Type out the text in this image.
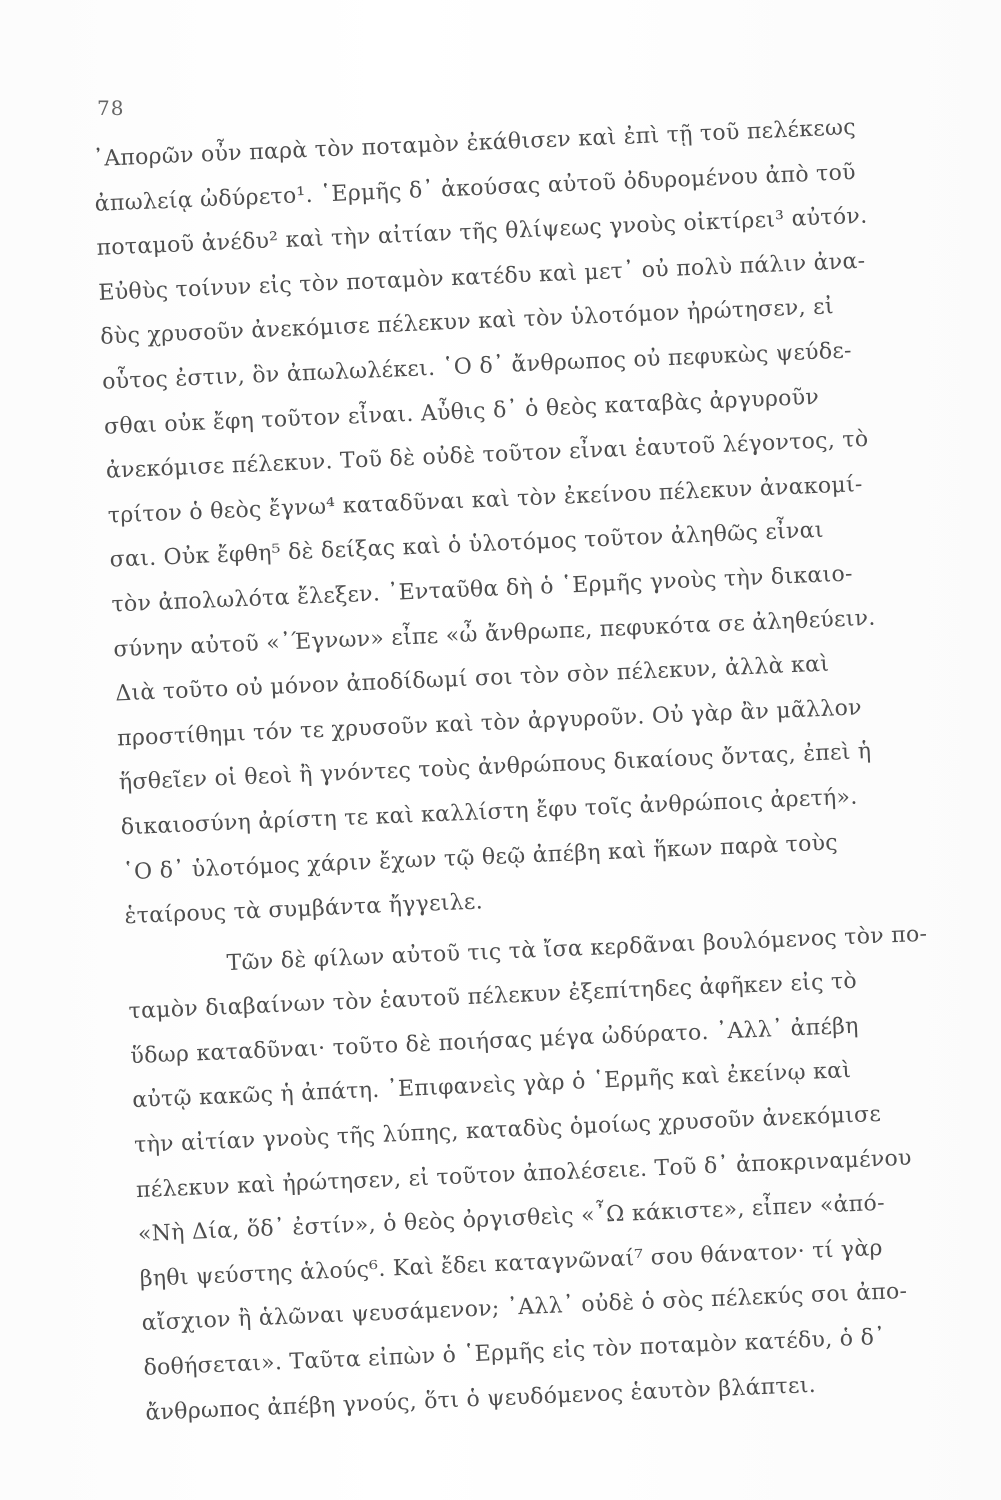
78
᾿Απορῶν οὖν παρὰ τὸν ποταμὸν ἐκάθισεν καὶ ἐπὶ τῇ τοῦ πελέκεως
ἀπωλείᾳ ὠδύρετο¹. ῾Ερμῆς δ᾿ ἀκούσας αὐτοῦ ὀδυρομένου ἀπὸ τοῦ
ποταμοῦ ἀνέδυ² καὶ τὴν αἰτίαν τῆς θλίψεως γνοὺς οἰκτίρει³ αὐτόν.
Εὐθὺς τοίνυν εἰς τὸν ποταμὸν κατέδυ καὶ μετ᾿ οὐ πολὺ πάλιν ἀνα-
δὺς χρυσοῦν ἀνεκόμισε πέλεκυν καὶ τὸν ὑλοτόμον ἠρώτησεν, εἰ
οὗτος ἐστιν, ὃν ἀπωλωλέκει. ῾Ο δ᾿ ἄνθρωπος οὐ πεφυκὼς ψεύδε-
σθαι οὐκ ἔφη τοῦτον εἶναι. Αὖθις δ᾿ ὁ θεὸς καταβὰς ἀργυροῦν
ἀνεκόμισε πέλεκυν. Τοῦ δὲ οὐδὲ τοῦτον εἶναι ἑαυτοῦ λέγοντος, τὸ
τρίτον ὁ θεὸς ἔγνω⁴ καταδῦναι καὶ τὸν ἐκείνου πέλεκυν ἀνακομί-
σαι. Οὐκ ἔφθη⁵ δὲ δείξας καὶ ὁ ὑλοτόμος τοῦτον ἀληθῶς εἶναι
τὸν ἀπολωλότα ἔλεξεν. ᾿Ενταῦθα δὴ ὁ ῾Ερμῆς γνοὺς τὴν δικαιο-
σύνην αὐτοῦ «᾿Έγνων» εἶπε «ὦ ἄνθρωπε, πεφυκότα σε ἀληθεύειν.
Διὰ τοῦτο οὐ μόνον ἀποδίδωμί σοι τὸν σὸν πέλεκυν, ἀλλὰ καὶ
προστίθημι τόν τε χρυσοῦν καὶ τὸν ἀργυροῦν. Οὐ γὰρ ἂν μᾶλλον
ἥσθεῖεν οἱ θεοὶ ἢ γνόντες τοὺς ἀνθρώπους δικαίους ὄντας, ἐπεὶ ἡ
δικαιοσύνη ἀρίστη τε καὶ καλλίστη ἔφυ τοῖς ἀνθρώποις ἀρετή».
῾Ο δ᾿ ὑλοτόμος χάριν ἔχων τῷ θεῷ ἀπέβη καὶ ἥκων παρὰ τοὺς
ἑταίρους τὰ συμβάντα ἤγγειλε.
Τῶν δὲ φίλων αὐτοῦ τις τὰ ἴσα κερδᾶναι βουλόμενος τὸν πο-
ταμὸν διαβαίνων τὸν ἑαυτοῦ πέλεκυν ἐξεπίτηδες ἀφῆκεν εἰς τὸ
ὕδωρ καταδῦναι· τοῦτο δὲ ποιήσας μέγα ὠδύρατο. ᾿Αλλ᾿ ἀπέβη
αὐτῷ κακῶς ἡ ἀπάτη. ᾿Επιφανεὶς γὰρ ὁ ῾Ερμῆς καὶ ἐκείνῳ καὶ
τὴν αἰτίαν γνοὺς τῆς λύπης, καταδὺς ὁμοίως χρυσοῦν ἀνεκόμισε
πέλεκυν καὶ ἠρώτησεν, εἰ τοῦτον ἀπολέσειε. Τοῦ δ᾿ ἀποκριναμένου
«Νὴ Δία, ὅδ᾿ ἐστίν», ὁ θεὸς ὀργισθεὶς «῏Ω κάκιστε», εἶπεν «ἀπό-
βηθι ψεύστης ἁλούς⁶. Καὶ ἔδει καταγνῶναί⁷ σου θάνατον· τί γὰρ
αἴσχιον ἢ ἁλῶναι ψευσάμενον; ᾿Αλλ᾿ οὐδὲ ὁ σὸς πέλεκύς σοι ἀπο-
δοθήσεται». Ταῦτα εἰπὼν ὁ ῾Ερμῆς εἰς τὸν ποταμὸν κατέδυ, ὁ δ᾿
ἄνθρωπος ἀπέβη γνούς, ὅτι ὁ ψευδόμενος ἑαυτὸν βλάπτει.
